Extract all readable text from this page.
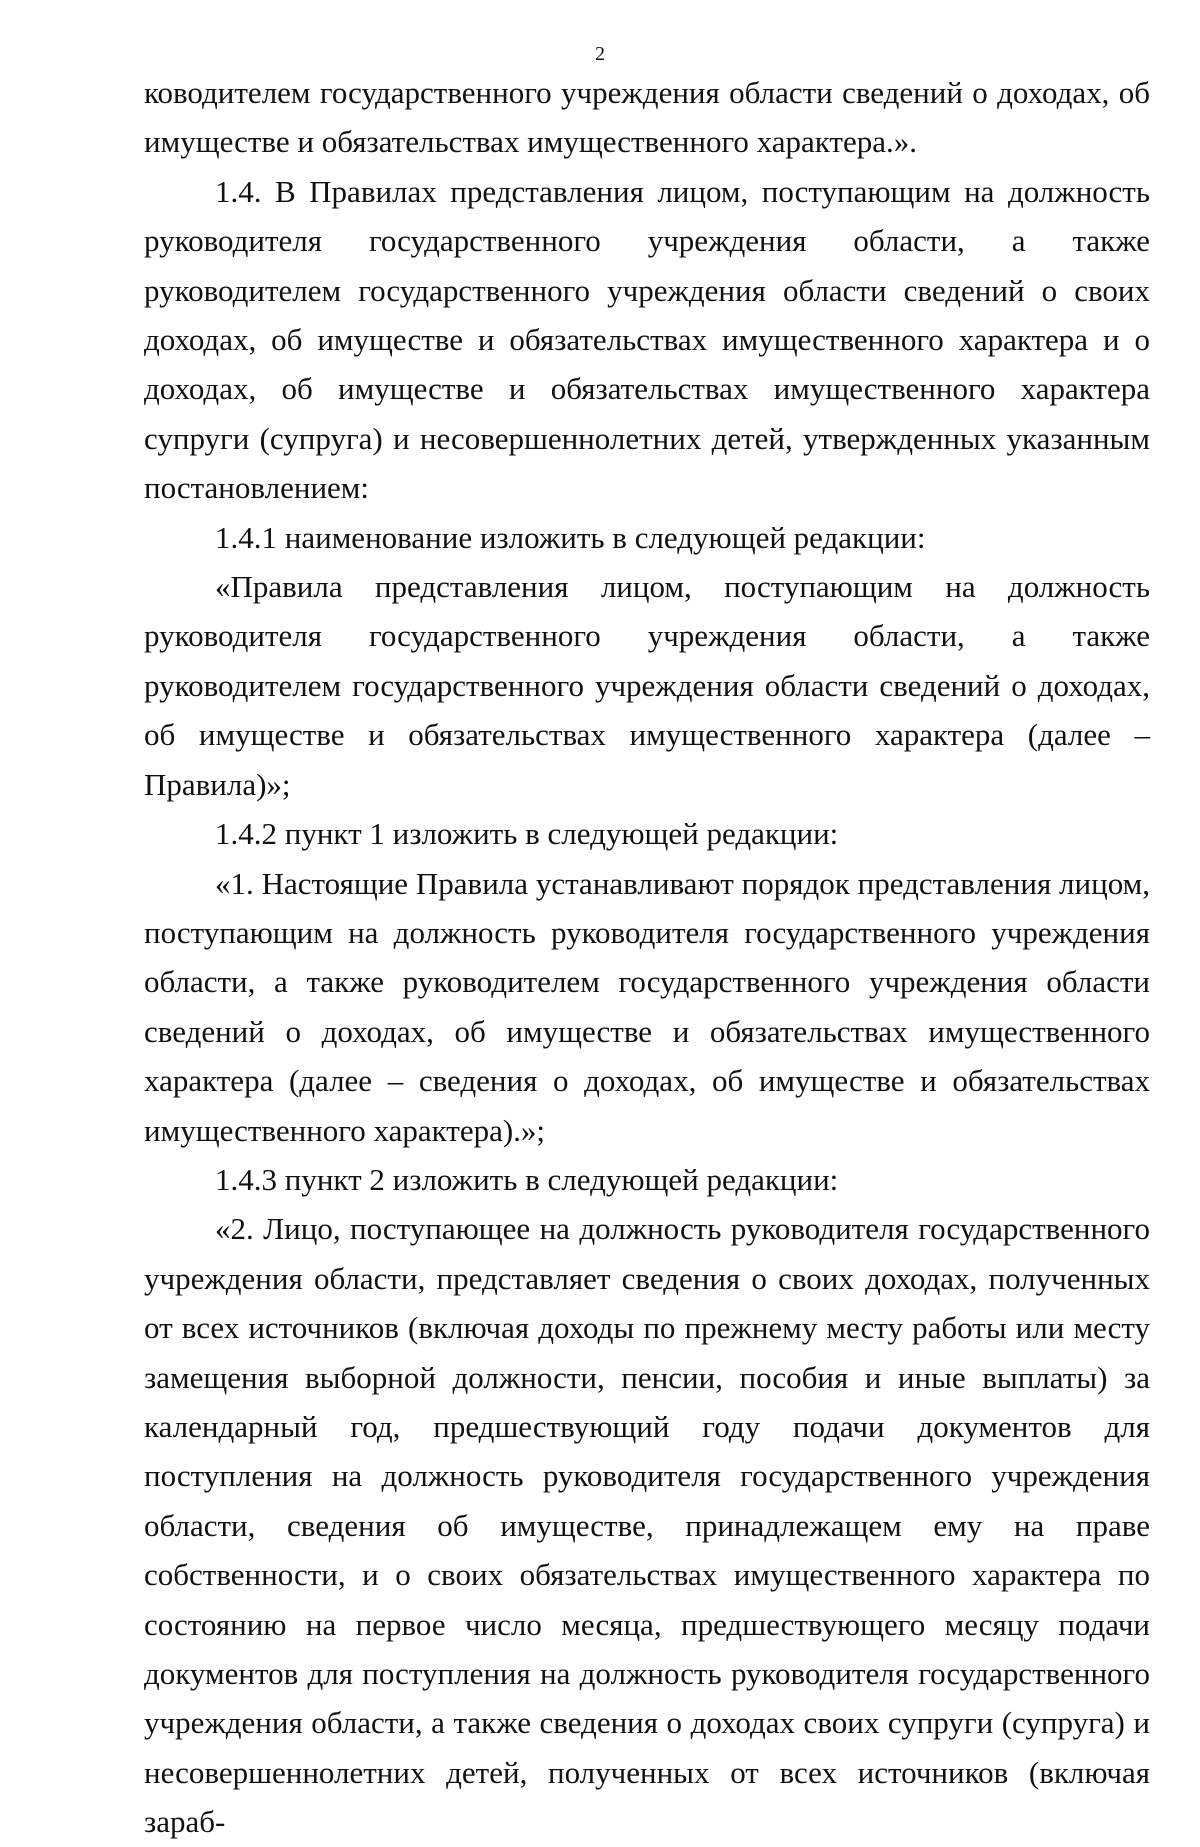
2

ководителем государственного учреждения области сведений о доходах, об имуществе и обязательствах имущественного характера.».

1.4. В Правилах представления лицом, поступающим на должность руководителя государственного учреждения области, а также руководителем государственного учреждения области сведений о своих доходах, об имуществе и обязательствах имущественного характера и о доходах, об имуществе и обязательствах имущественного характера супруги (супруга) и несовершеннолетних детей, утвержденных указанным постановлением:

1.4.1 наименование изложить в следующей редакции:

«Правила представления лицом, поступающим на должность руководителя государственного учреждения области, а также руководителем государственного учреждения области сведений о доходах, об имуществе и обязательствах имущественного характера (далее – Правила)»;

1.4.2 пункт 1 изложить в следующей редакции:

«1. Настоящие Правила устанавливают порядок представления лицом, поступающим на должность руководителя государственного учреждения области, а также руководителем государственного учреждения области сведений о доходах, об имуществе и обязательствах имущественного характера (далее – сведения о доходах, об имуществе и обязательствах имущественного характера).»;

1.4.3 пункт 2 изложить в следующей редакции:

«2. Лицо, поступающее на должность руководителя государственного учреждения области, представляет сведения о своих доходах, полученных от всех источников (включая доходы по прежнему месту работы или месту замещения выборной должности, пенсии, пособия и иные выплаты) за календарный год, предшествующий году подачи документов для поступления на должность руководителя государственного учреждения области, сведения об имуществе, принадлежащем ему на праве собственности, и о своих обязательствах имущественного характера по состоянию на первое число месяца, предшествующего месяцу подачи документов для поступления на должность руководителя государственного учреждения области, а также сведения о доходах своих супруги (супруга) и несовершеннолетних детей, полученных от всех источников (включая зараб-
